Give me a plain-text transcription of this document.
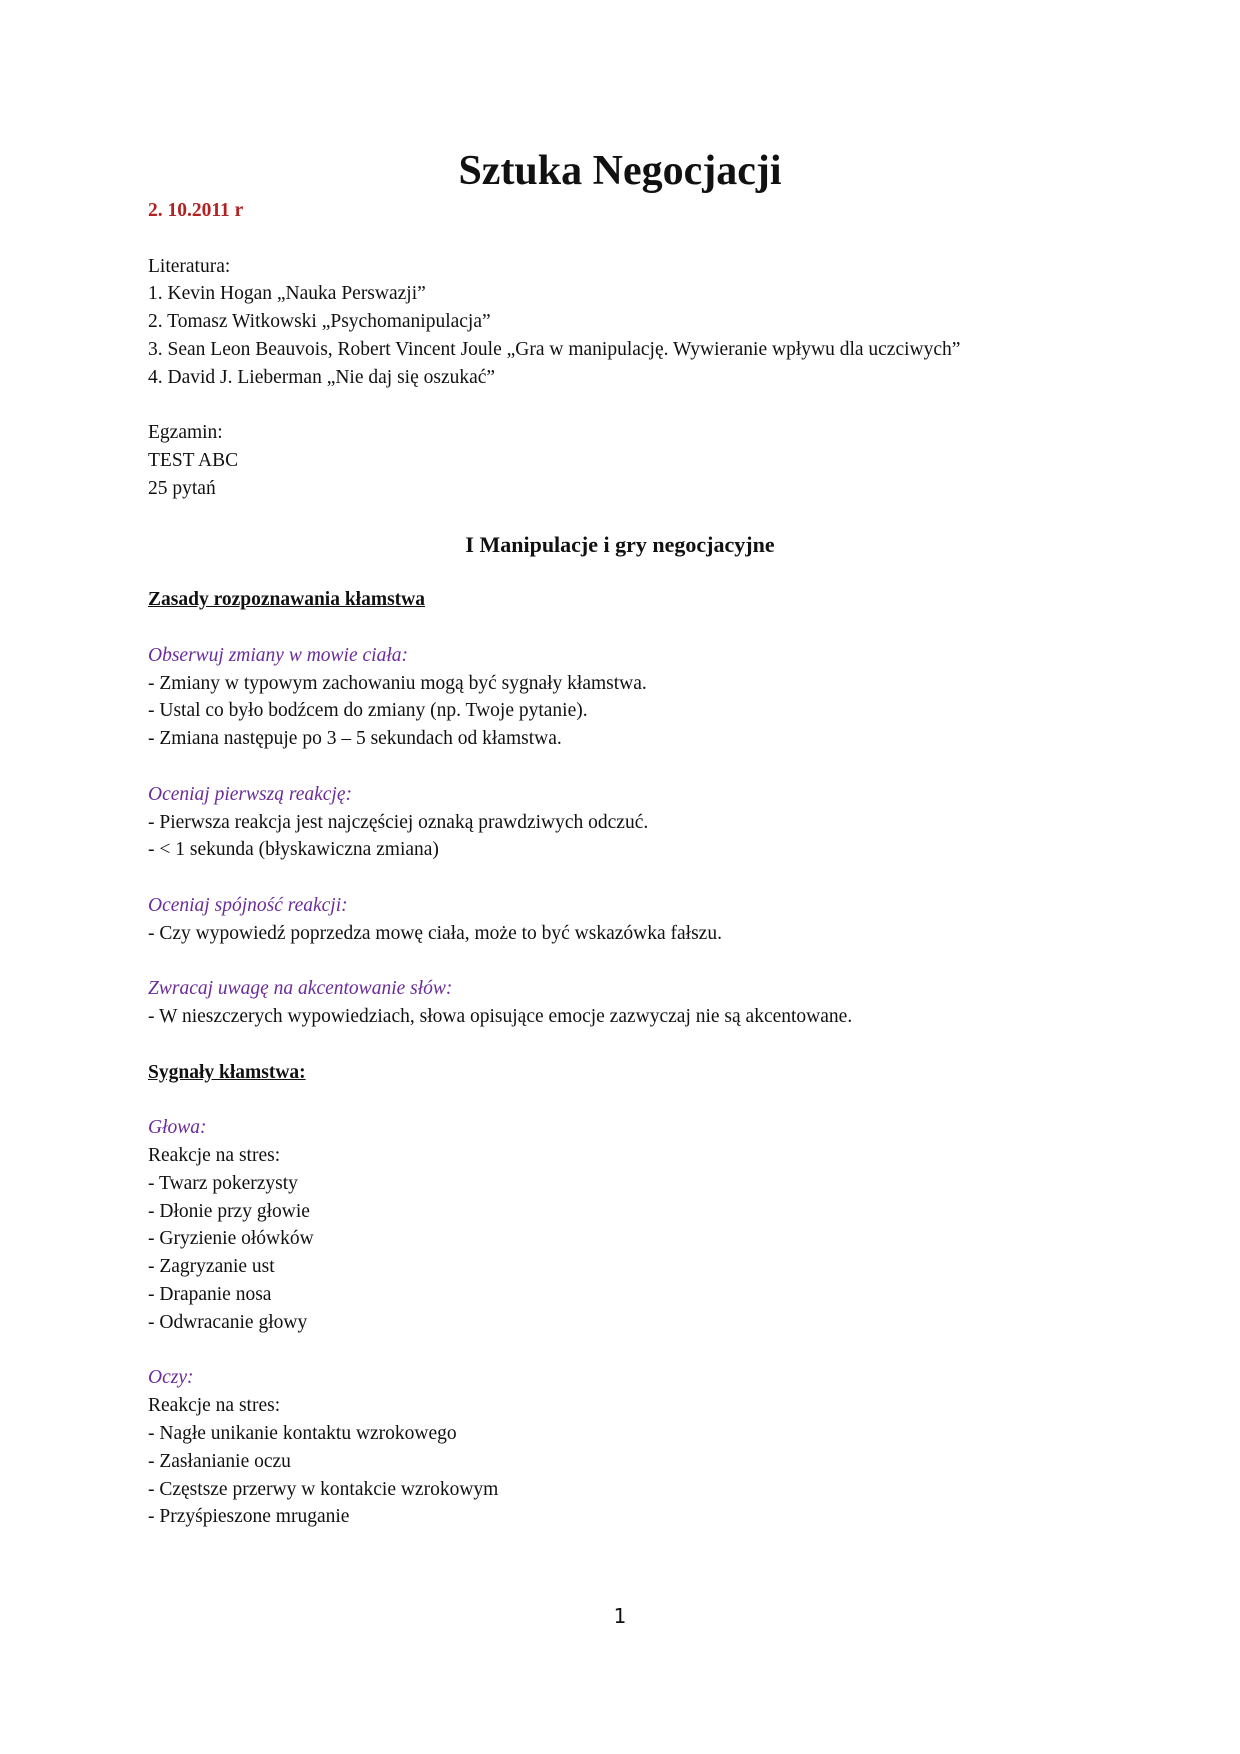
Sztuka Negocjacji
2. 10.2011 r
Literatura:
1. Kevin Hogan „Nauka Perswazji”
2. Tomasz Witkowski „Psychomanipulacja”
3. Sean Leon Beauvois, Robert Vincent Joule „Gra w manipulację. Wywieranie wpływu dla uczciwych”
4. David J. Lieberman „Nie daj się oszukać”
Egzamin:
TEST ABC
25 pytań
I Manipulacje i gry negocjacyjne
Zasady rozpoznawania kłamstwa
Obserwuj zmiany w mowie ciała:
- Zmiany w typowym zachowaniu mogą być sygnały kłamstwa.
- Ustal co było bodźcem do zmiany (np. Twoje pytanie).
- Zmiana następuje po 3 – 5 sekundach od kłamstwa.
Oceniaj pierwszą reakcję:
- Pierwsza reakcja jest najczęściej oznaką prawdziwych odczuć.
- < 1 sekunda (błyskawiczna zmiana)
Oceniaj spójność reakcji:
- Czy wypowiedź poprzedza mowę ciała, może to być wskazówka fałszu.
Zwracaj uwagę na akcentowanie słów:
- W nieszczerych wypowiedziach, słowa opisujące emocje zazwyczaj nie są akcentowane.
Sygnały kłamstwa:
Głowa:
Reakcje na stres:
- Twarz pokerzysty
- Dłonie przy głowie
- Gryzienie ołówków
- Zagryzanie ust
- Drapanie nosa
- Odwracanie głowy
Oczy:
Reakcje na stres:
- Nagłe unikanie kontaktu wzrokowego
- Zasłanianie oczu
- Częstsze przerwy w kontakcie wzrokowym
- Przyśpieszone mruganie
1
